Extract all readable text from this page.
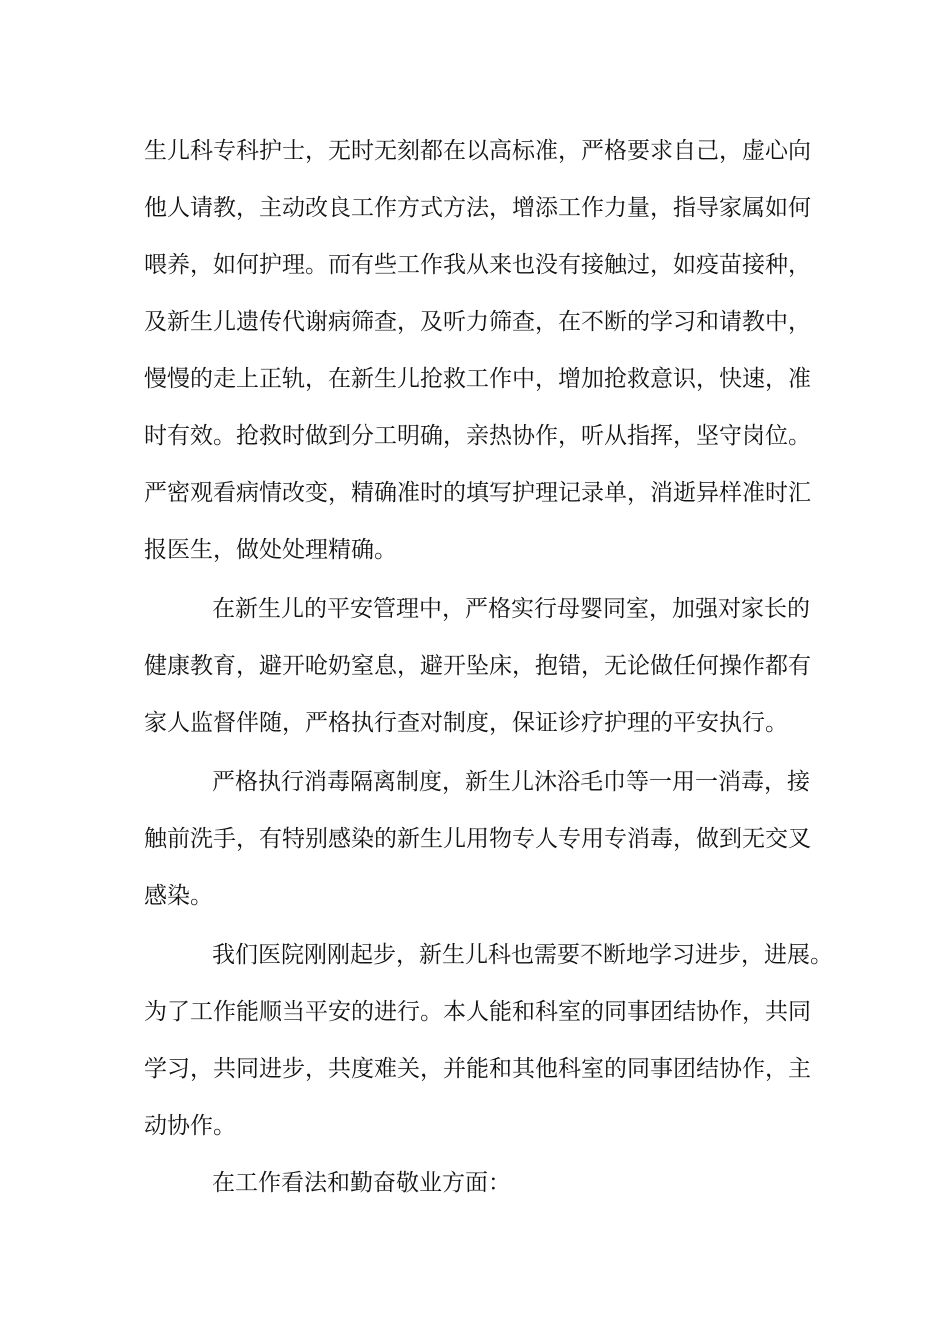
生儿科专科护士，无时无刻都在以高标准，严格要求自己，虚心向

他人请教，主动改良工作方式方法，增添工作力量，指导家属如何

喂养，如何护理。而有些工作我从来也没有接触过，如疫苗接种，

及新生儿遗传代谢病筛查，及听力筛查，在不断的学习和请教中，

慢慢的走上正轨，在新生儿抢救工作中，增加抢救意识，快速，准

时有效。抢救时做到分工明确，亲热协作，听从指挥，坚守岗位。

严密观看病情改变，精确准时的填写护理记录单，消逝异样准时汇

报医生，做处处理精确。

在新生儿的平安管理中，严格实行母婴同室，加强对家长的

健康教育，避开呛奶窒息，避开坠床，抱错，无论做任何操作都有

家人监督伴随，严格执行查对制度，保证诊疗护理的平安执行。

严格执行消毒隔离制度，新生儿沐浴毛巾等一用一消毒，接

触前洗手，有特别感染的新生儿用物专人专用专消毒，做到无交叉

感染。

我们医院刚刚起步，新生儿科也需要不断地学习进步，进展。

为了工作能顺当平安的进行。本人能和科室的同事团结协作，共同

学习，共同进步，共度难关，并能和其他科室的同事团结协作，主

动协作。

在工作看法和勤奋敬业方面：
